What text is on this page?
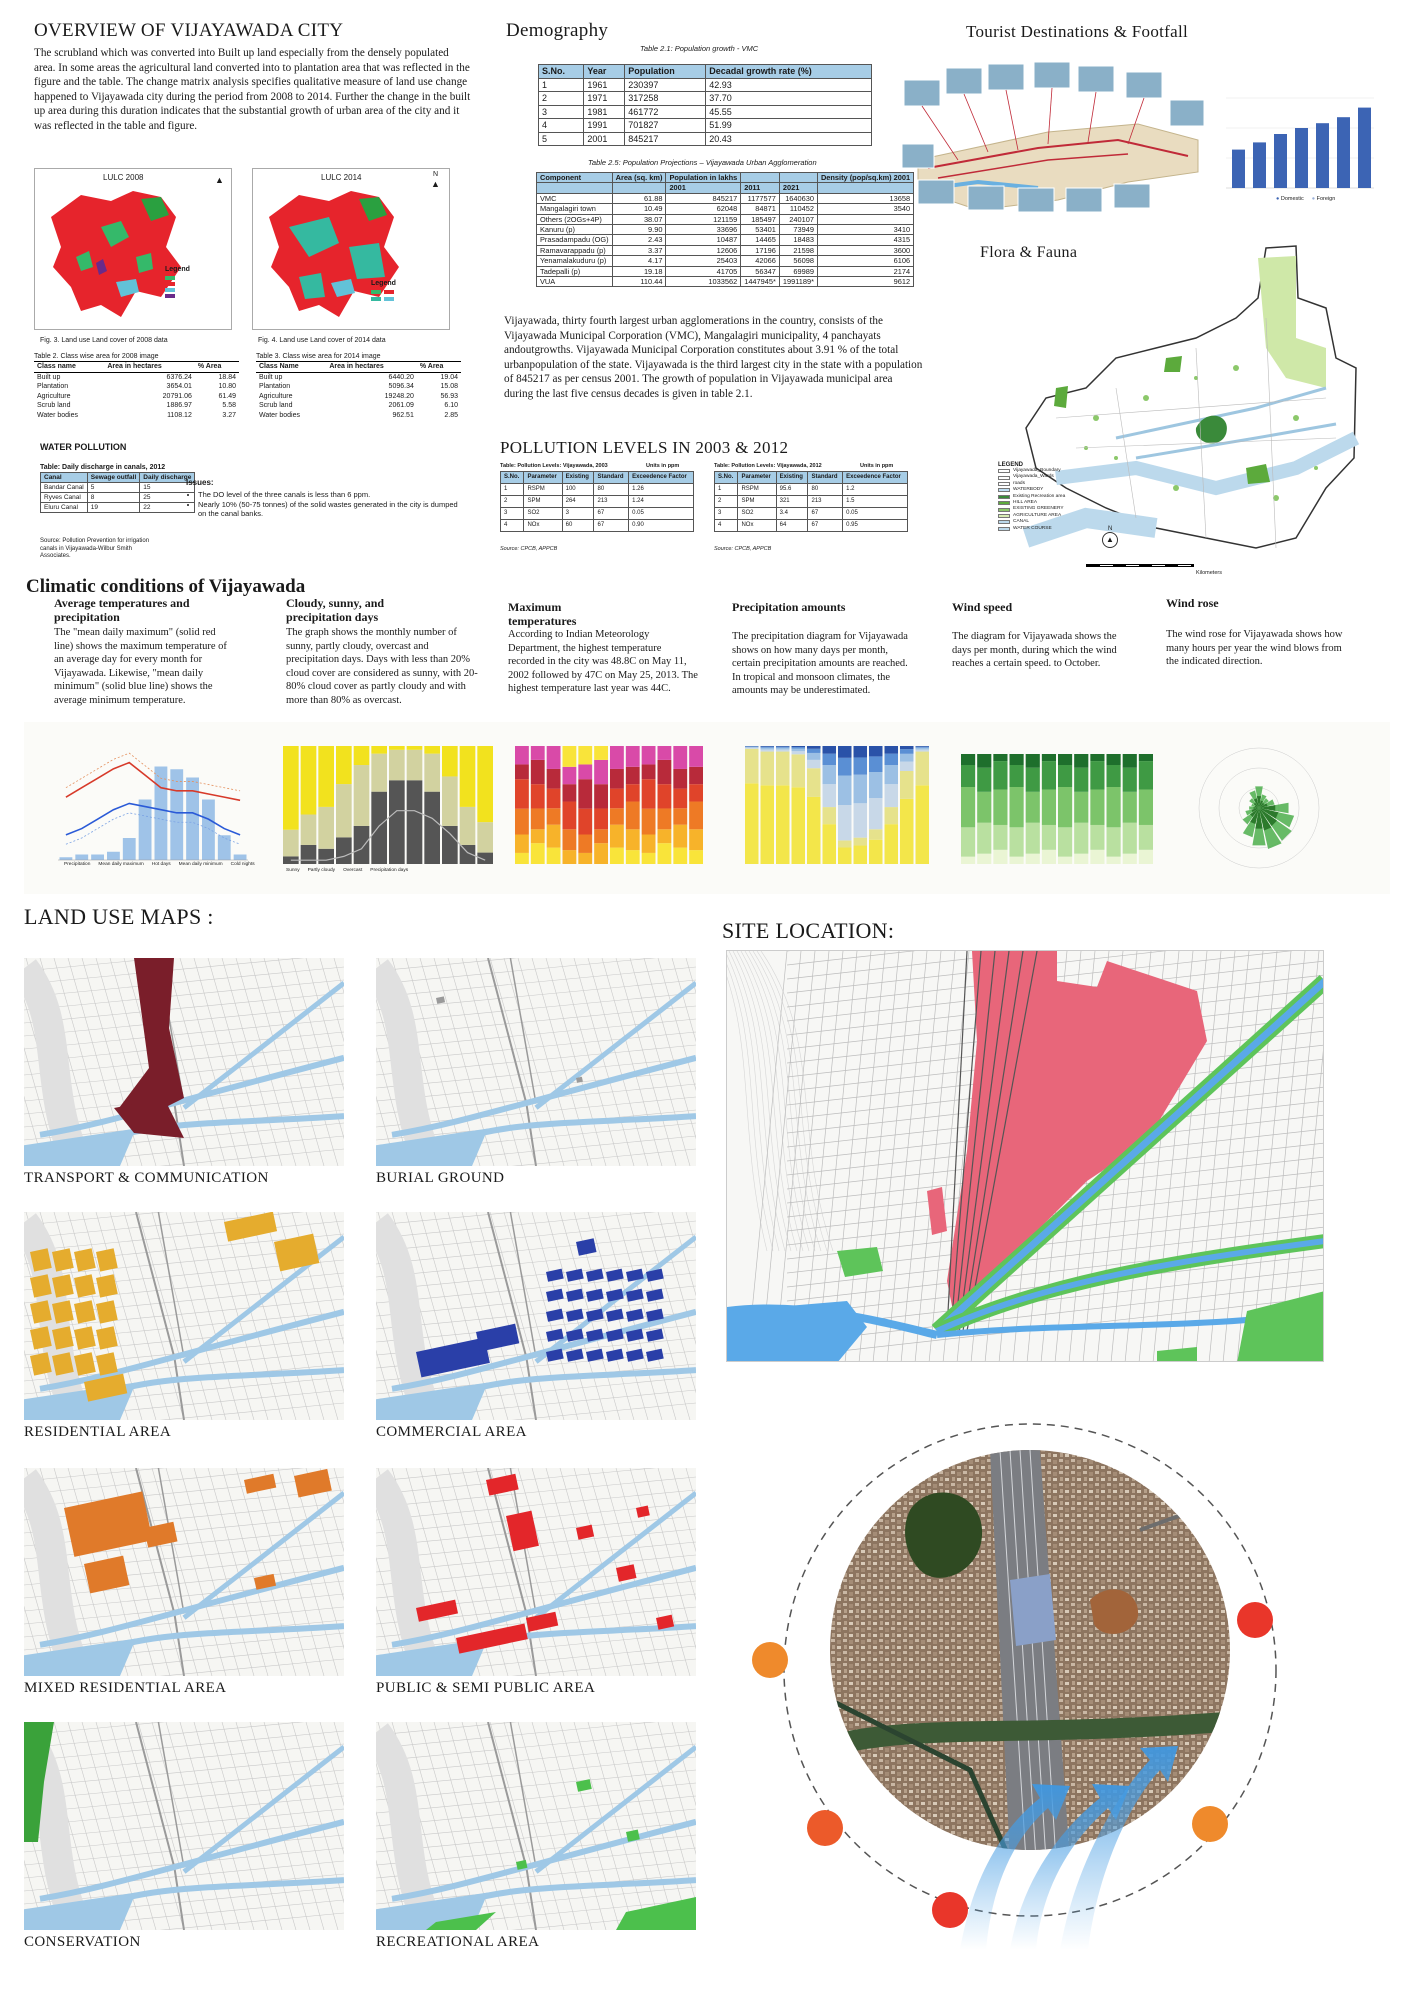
OVERVIEW OF VIJAYAWADA CITY

The scrubland which was converted into Built up land especially from the densely populated area. In some areas the agricultural land converted into to plantation area that was reflected in the figure and the table. The change matrix analysis specifies qualitative measure of land use change happened to Vijayawada city during the period from 2008 to 2014. Further the change in the built up area during this duration indicates that the substantial growth of urban area of the city and it was reflected in the table and figure.

LULC 2008	▲
Legend
LULC 2014	N
▲
Legend
Fig. 3. Land use Land cover of 2008 data	Fig. 4. Land use Land cover of 2014 data
Table 2. Class wise area for 2008 image
Class name	Area in hectares	% Area
Built up	6376.24	18.84
Plantation	3654.01	10.80
Agriculture	20791.06	61.49
Scrub land	1886.97	5.58
Water bodies	1108.12	3.27
Table 3. Class wise area for 2014 image
Class Name	Area in hectares	% Area
Built up	6440.20	19.04
Plantation	5096.34	15.08
Agriculture	19248.20	56.93
Scrub land	2061.09	6.10
Water bodies	962.51	2.85
WATER POLLUTION
Table: Daily discharge in canals, 2012
Canal	Sewage outfall	Daily discharge
Bandar Canal	5	15
Ryves Canal	8	25
Eluru Canal	19	22
Source: Pollution Prevention for irrigation canals in Vijayawada-Wilbur Smith Associates.
Issues:
• The DO level of the three canals is less than 6 ppm.
• Nearly 10% (50-75 tonnes) of the solid wastes generated in the city is dumped on the canal banks.
Demography
Table 2.1: Population growth - VMC
S.No.	Year	Population	Decadal growth rate (%)
1	1961	230397	42.93
2	1971	317258	37.70
3	1981	461772	45.55
4	1991	701827	51.99
5	2001	845217	20.43
Table 2.5: Population Projections – Vijayawada Urban Agglomeration
Component	Area (sq. km)	Population in lakhs			Density (pop/sq.km) 2001
		2001	2011	2021	
VMC	61.88	845217	1177577	1640630	13658
Mangalagiri town	10.49	62048	84871	110452	3540
Others (2OGs+4P)	38.07	121159	185497	240107	
Kanuru (p)	9.90	33696	53401	73949	3410
Prasadampadu (OG)	2.43	10487	14465	18483	4315
Ramavarappadu (p)	3.37	12606	17196	21598	3600
Yenamalakuduru (p)	4.17	25403	42066	56098	6106
Tadepalli (p)	19.18	41705	56347	69989	2174
VUA	110.44	1033562	1447945*	1991189*	9612

Vijayawada, thirty fourth largest urban agglomerations in the country, consists of the Vijayawada Municipal Corporation (VMC), Mangalagiri municipality, 4 panchayats andoutgrowths. Vijayawada Municipal Corporation constitutes about 3.91 % of the total urbanpopulation of the state. Vijayawada is the third largest city in the state with a population of 845217 as per census 2001. The growth of population in Vijayawada municipal area during the last five census decades is given in table 2.1.

POLLUTION LEVELS IN 2003 & 2012
Table: Pollution Levels: Vijayawada, 2003	Units in ppm
S.No.	Parameter	Existing	Standard	Exceedence Factor
1	RSPM	100	80	1.26
2	SPM	264	213	1.24
3	SO2	3	67	0.05
4	NOx	60	67	0.90
Table: Pollution Levels: Vijayawada, 2012	Units in ppm
S.No.	Parameter	Existing	Standard	Exceedence Factor
1	RSPM	95.6	80	1.2
2	SPM	321	213	1.5
3	SO2	3.4	67	0.05
4	NOx	64	67	0.95
Source: CPCB, APPCB	Source: CPCB, APPCB
Tourist Destinations & Footfall
● Domestic ● Foreign
Flora & Fauna
LEGEND
Vijayawada_Boundary
Vijayawada_Wards
roads
WATERBODY
Existing Recreation area
HILL AREA
EXISTING GREENERY
AGRICULTURE AREA
CANAL
WATER COURSE	N
▲
Kilometers
Climatic conditions of Vijayawada
Average temperatures and precipitation

The "mean daily maximum" (solid red line) shows the maximum temperature of an average day for every month for Vijayawada. Likewise, "mean daily minimum" (solid blue line) shows the average minimum temperature.

Cloudy, sunny, and precipitation days

The graph shows the monthly number of sunny, partly cloudy, overcast and precipitation days. Days with less than 20% cloud cover are considered as sunny, with 20-80% cloud cover as partly cloudy and with more than 80% as overcast.

Maximum temperatures

According to Indian Meteorology Department, the highest temperature recorded in the city was 48.8C on May 11, 2002 followed by 47C on May 25, 2013. The highest temperature last year was 44C.

Precipitation amounts

The precipitation diagram for Vijayawada shows on how many days per month, certain precipitation amounts are reached. In tropical and monsoon climates, the amounts may be underestimated.

Wind speed

The diagram for Vijayawada shows the days per month, during which the wind reaches a certain speed. to October.

Wind rose

The wind rose for Vijayawada shows how many hours per year the wind blows from the indicated direction.

Precipitation Mean daily maximum Hot days Mean daily minimum Cold nights
Sunny Partly cloudy Overcast Precipitation days
LAND USE MAPS :
TRANSPORT & COMMUNICATION	BURIAL GROUND
RESIDENTIAL AREA	COMMERCIAL AREA
MIXED RESIDENTIAL AREA	PUBLIC & SEMI PUBLIC AREA
CONSERVATION	RECREATIONAL AREA
SITE LOCATION:
